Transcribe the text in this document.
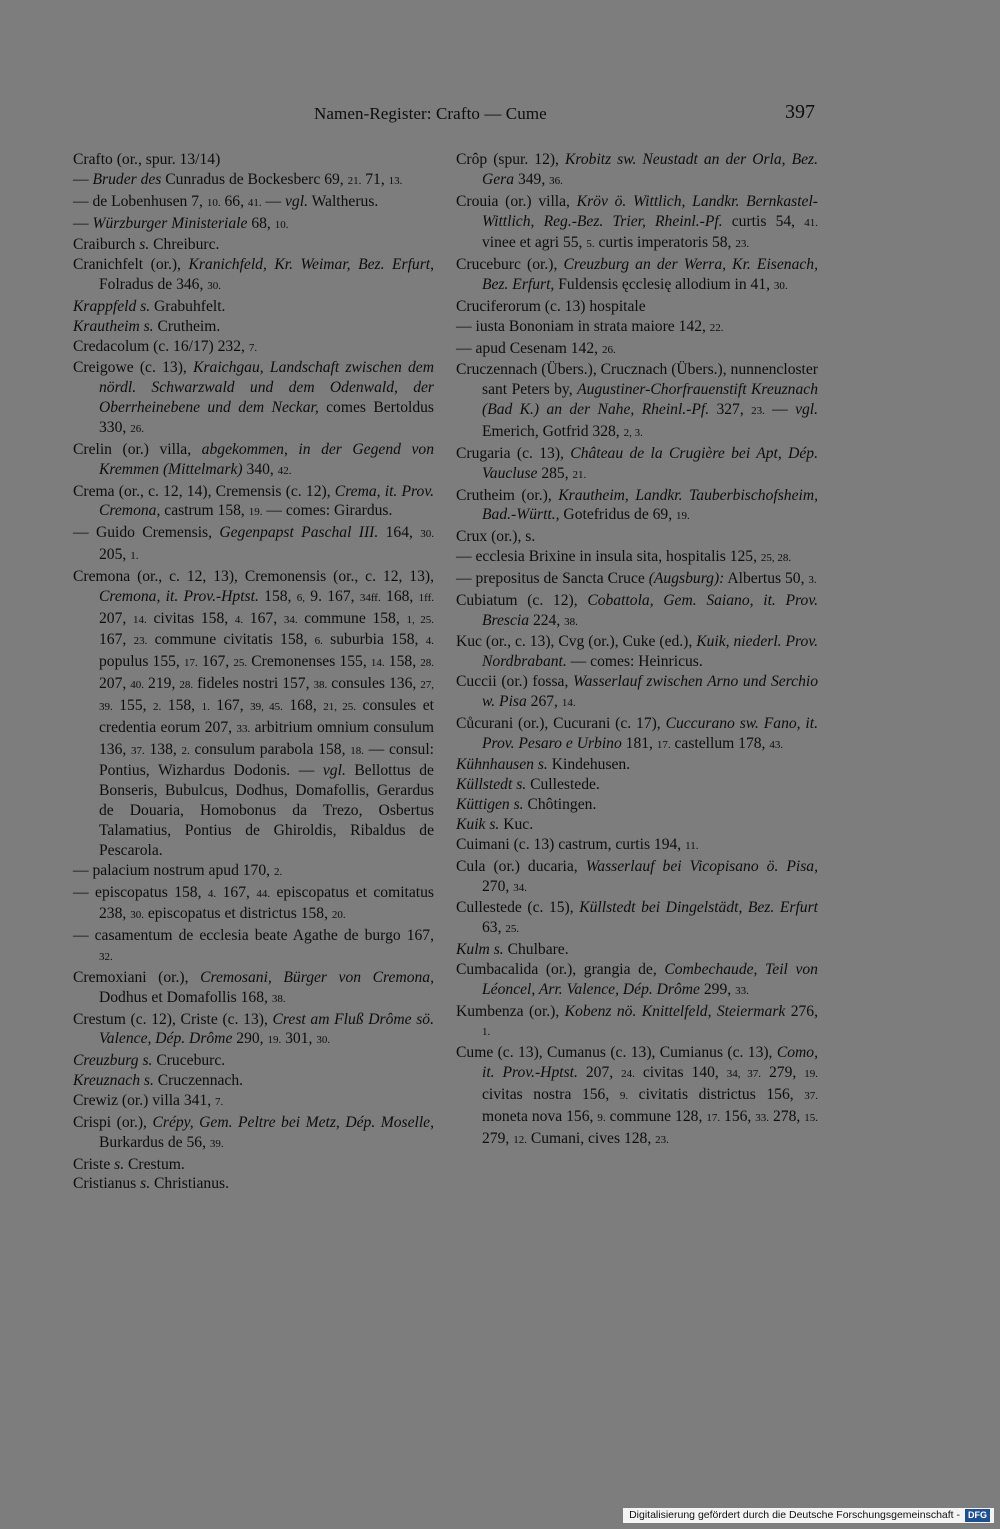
Namen-Register: Crafto — Cume	397

Crafto (or., spur. 13/14)

— Bruder des Cunradus de Bockesberc 69, 21. 71, 13.

— de Lobenhusen 7, 10. 66, 41. — vgl. Waltherus.

— Würzburger Ministeriale 68, 10.

Craiburch s. Chreiburc.

Cranichfelt (or.), Kranichfeld, Kr. Weimar, Bez. Erfurt, Folradus de 346, 30.

Krappfeld s. Grabuhfelt.

Krautheim s. Crutheim.

Credacolum (c. 16/17) 232, 7.

Creigowe (c. 13), Kraichgau, Landschaft zwischen dem nördl. Schwarzwald und dem Odenwald, der Oberrheinebene und dem Neckar, comes Bertoldus 330, 26.

Crelin (or.) villa, abgekommen, in der Gegend von Kremmen (Mittelmark) 340, 42.

Crema (or., c. 12, 14), Cremensis (c. 12), Crema, it. Prov. Cremona, castrum 158, 19. — comes: Girardus.

— Guido Cremensis, Gegenpapst Paschal III. 164, 30. 205, 1.

Cremona (or., c. 12, 13), Cremonensis (or., c. 12, 13), Cremona, it. Prov.-Hptst. 158, 6, 9. 167, 34ff. 168, 1ff. 207, 14. civitas 158, 4. 167, 34. commune 158, 1, 25. 167, 23. commune civitatis 158, 6. suburbia 158, 4. populus 155, 17. 167, 25. Cremonenses 155, 14. 158, 28. 207, 40. 219, 28. fideles nostri 157, 38. consules 136, 27, 39. 155, 2. 158, 1. 167, 39, 45. 168, 21, 25. consules et credentia eorum 207, 33. arbitrium omnium consulum 136, 37. 138, 2. consulum parabola 158, 18. — consul: Pontius, Wizhardus Dodonis. — vgl. Bellottus de Bonseris, Bubulcus, Dodhus, Domafollis, Gerardus de Douaria, Homobonus da Trezo, Osbertus Talamatius, Pontius de Ghiroldis, Ribaldus de Pescarola.

— palacium nostrum apud 170, 2.

— episcopatus 158, 4. 167, 44. episcopatus et comitatus 238, 30. episcopatus et districtus 158, 20.

— casamentum de ecclesia beate Agathe de burgo 167, 32.

Cremoxiani (or.), Cremosani, Bürger von Cremona, Dodhus et Domafollis 168, 38.

Crestum (c. 12), Criste (c. 13), Crest am Fluß Drôme sö. Valence, Dép. Drôme 290, 19. 301, 30.

Creuzburg s. Cruceburc.

Kreuznach s. Cruczennach.

Crewiz (or.) villa 341, 7.

Crispi (or.), Crépy, Gem. Peltre bei Metz, Dép. Moselle, Burkardus de 56, 39.

Criste s. Crestum.

Cristianus s. Christianus.

Crôp (spur. 12), Krobitz sw. Neustadt an der Orla, Bez. Gera 349, 36.

Crouia (or.) villa, Kröv ö. Wittlich, Landkr. Bernkastel-Wittlich, Reg.-Bez. Trier, Rheinl.-Pf. curtis 54, 41. vinee et agri 55, 5. curtis imperatoris 58, 23.

Cruceburc (or.), Creuzburg an der Werra, Kr. Eisenach, Bez. Erfurt, Fuldensis ęcclesię allodium in 41, 30.

Cruciferorum (c. 13) hospitale

— iusta Bononiam in strata maiore 142, 22.

— apud Cesenam 142, 26.

Cruczennach (Übers.), Crucznach (Übers.), nunnencloster sant Peters by, Augustiner-Chorfrauenstift Kreuznach (Bad K.) an der Nahe, Rheinl.-Pf. 327, 23. — vgl. Emerich, Gotfrid 328, 2, 3.

Crugaria (c. 13), Château de la Crugière bei Apt, Dép. Vaucluse 285, 21.

Crutheim (or.), Krautheim, Landkr. Tauberbischofsheim, Bad.-Württ., Gotefridus de 69, 19.

Crux (or.), s.

— ecclesia Brixine in insula sita, hospitalis 125, 25, 28.

— prepositus de Sancta Cruce (Augsburg): Albertus 50, 3.

Cubiatum (c. 12), Cobattola, Gem. Saiano, it. Prov. Brescia 224, 38.

Kuc (or., c. 13), Cvg (or.), Cuke (ed.), Kuik, niederl. Prov. Nordbrabant. — comes: Heinricus.

Cuccii (or.) fossa, Wasserlauf zwischen Arno und Serchio w. Pisa 267, 14.

Cůcurani (or.), Cucurani (c. 17), Cuccurano sw. Fano, it. Prov. Pesaro e Urbino 181, 17. castellum 178, 43.

Kühnhausen s. Kindehusen.

Küllstedt s. Cullestede.

Küttigen s. Chôtingen.

Kuik s. Kuc.

Cuimani (c. 13) castrum, curtis 194, 11.

Cula (or.) ducaria, Wasserlauf bei Vicopisano ö. Pisa, 270, 34.

Cullestede (c. 15), Küllstedt bei Dingelstädt, Bez. Erfurt 63, 25.

Kulm s. Chulbare.

Cumbacalida (or.), grangia de, Combechaude, Teil von Léoncel, Arr. Valence, Dép. Drôme 299, 33.

Kumbenza (or.), Kobenz nö. Knittelfeld, Steiermark 276, 1.

Cume (c. 13), Cumanus (c. 13), Cumianus (c. 13), Como, it. Prov.-Hptst. 207, 24. civitas 140, 34, 37. 279, 19. civitas nostra 156, 9. civitatis districtus 156, 37. moneta nova 156, 9. commune 128, 17. 156, 33. 278, 15. 279, 12. Cumani, cives 128, 23.

Digitalisierung gefördert durch die Deutsche Forschungsgemeinschaft - DFG
